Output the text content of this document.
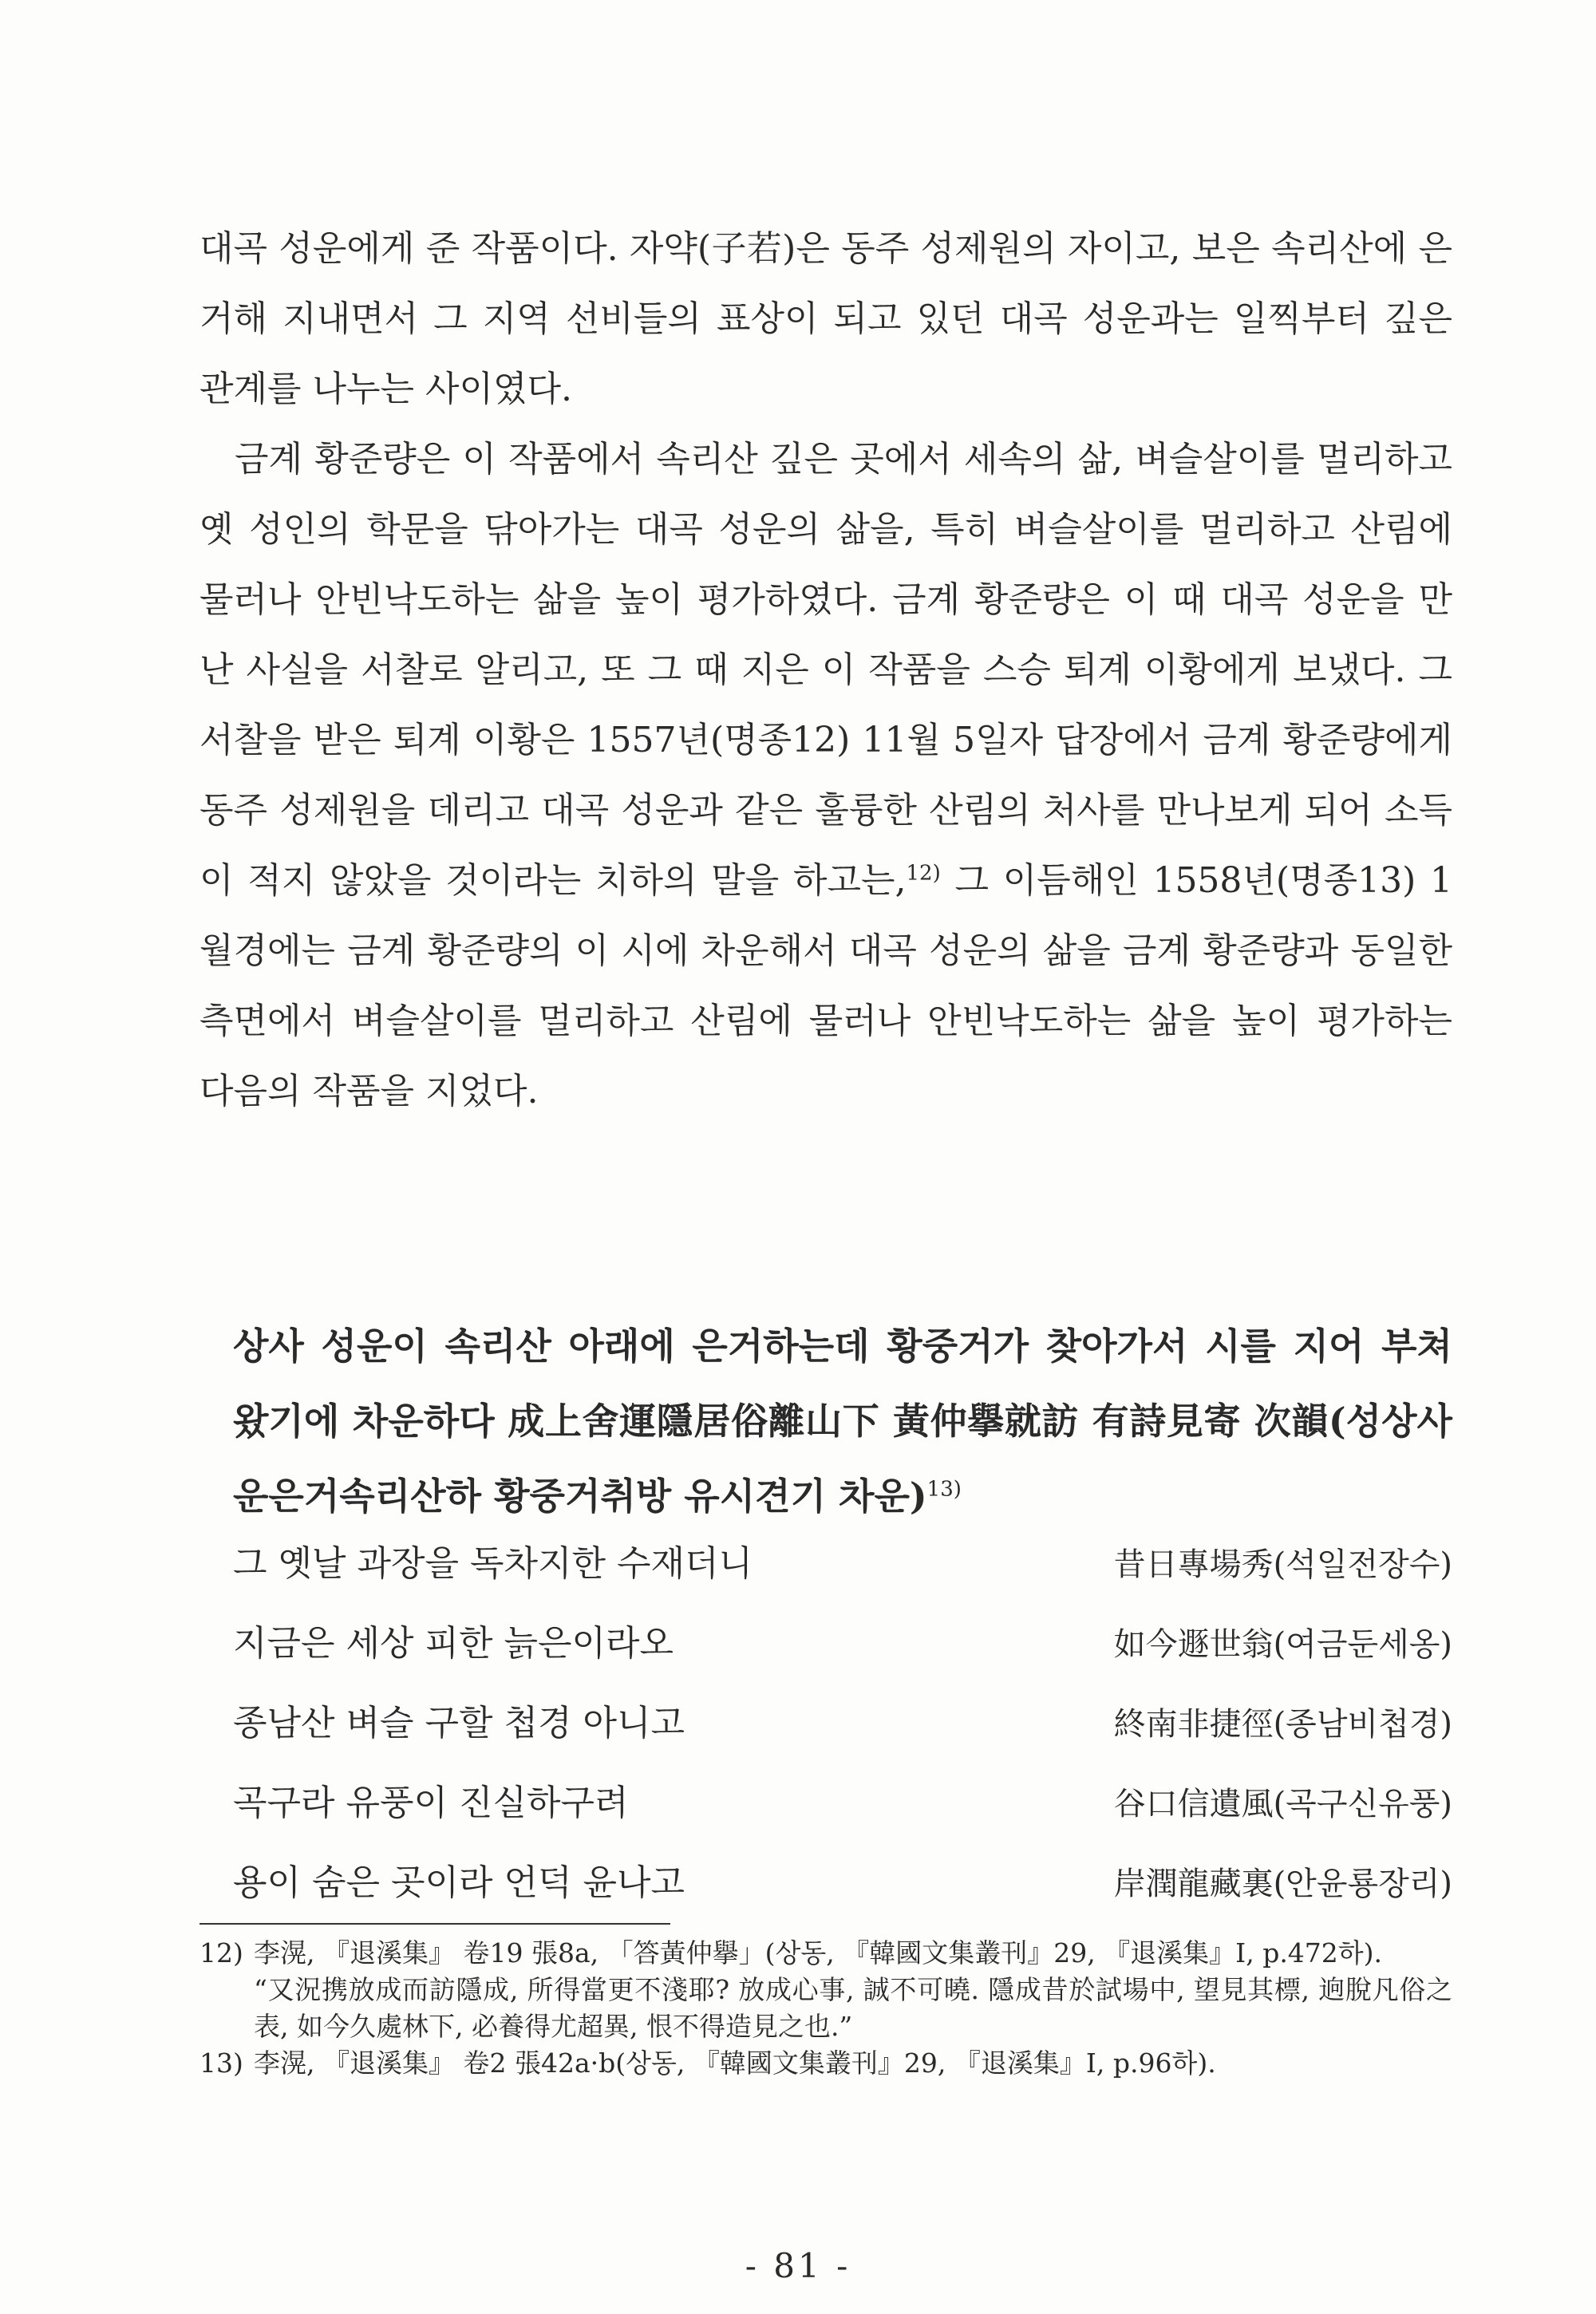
대곡 성운에게 준 작품이다. 자약(子若)은 동주 성제원의 자이고, 보은 속리산에 은거해 지내면서 그 지역 선비들의 표상이 되고 있던 대곡 성운과는 일찍부터 깊은 관계를 나누는 사이였다.

금계 황준량은 이 작품에서 속리산 깊은 곳에서 세속의 삶, 벼슬살이를 멀리하고 옛 성인의 학문을 닦아가는 대곡 성운의 삶을, 특히 벼슬살이를 멀리하고 산림에 물러나 안빈낙도하는 삶을 높이 평가하였다. 금계 황준량은 이 때 대곡 성운을 만난 사실을 서찰로 알리고, 또 그 때 지은 이 작품을 스승 퇴계 이황에게 보냈다. 그 서찰을 받은 퇴계 이황은 1557년(명종12) 11월 5일자 답장에서 금계 황준량에게 동주 성제원을 데리고 대곡 성운과 같은 훌륭한 산림의 처사를 만나보게 되어 소득이 적지 않았을 것이라는 치하의 말을 하고는,$^{12)}$ 그 이듬해인 1558년(명종13) 1월경에는 금계 황준량의 이 시에 차운해서 대곡 성운의 삶을 금계 황준량과 동일한 측면에서 벼슬살이를 멀리하고 산림에 물러나 안빈낙도하는 삶을 높이 평가하는 다음의 작품을 지었다.

상사 성운이 속리산 아래에 은거하는데 황중거가 찾아가서 시를 지어 부쳐 왔기에 차운하다 成上舍運隱居俗離山下 黃仲擧就訪 有詩見寄 次韻(성상사운은거속리산하 황중거취방 유시견기 차운)$^{13)}$
그 옛날 과장을 독차지한 수재더니	昔日專場秀(석일전장수)
지금은 세상 피한 늙은이라오	如今遯世翁(여금둔세옹)
종남산 벼슬 구할 첩경 아니고	終南非捷徑(종남비첩경)
곡구라 유풍이 진실하구려	谷口信遺風(곡구신유풍)
용이 숨은 곳이라 언덕 윤나고	岸潤龍藏裏(안윤룡장리)
12) 李滉, 『退溪集』 卷19 張8a, 「答黃仲擧」(상동, 『韓國文集叢刊』29, 『退溪集』Ⅰ, p.472하).
“又況携放成而訪隱成, 所得當更不淺耶? 放成心事, 誠不可曉. 隱成昔於試場中, 望見其標, 逈脫凡俗之表, 如今久處林下, 必養得尤超異, 恨不得造見之也.”
13) 李滉, 『退溪集』 卷2 張42a·b(상동, 『韓國文集叢刊』29, 『退溪集』Ⅰ, p.96하).
- 81 -
